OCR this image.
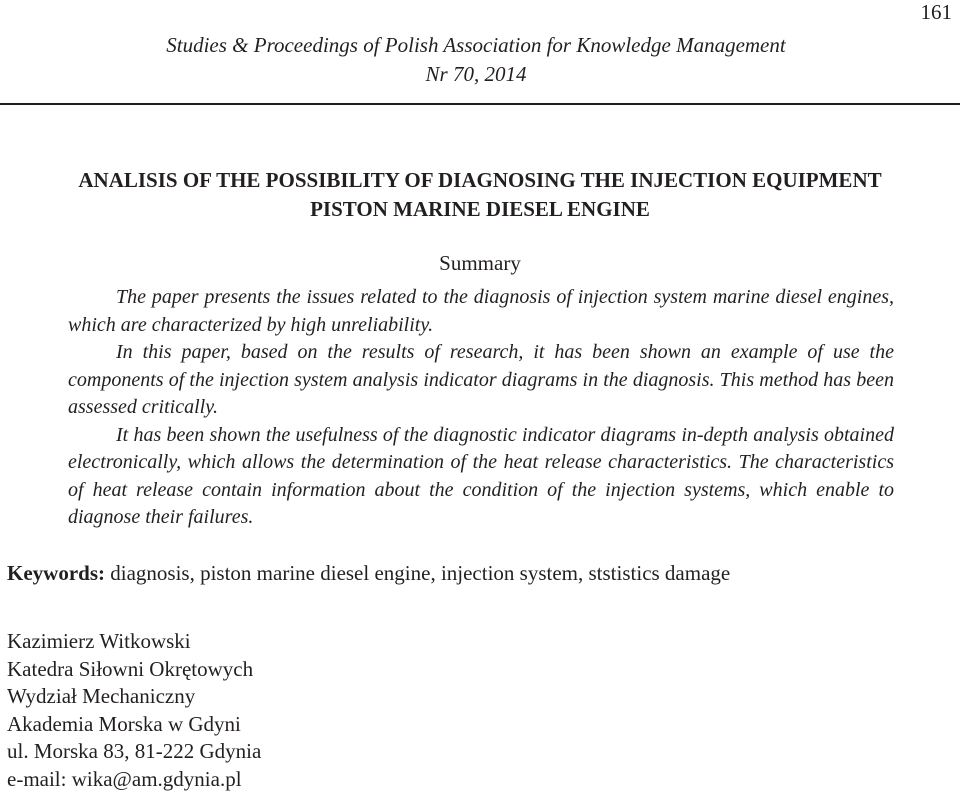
161
Studies & Proceedings of Polish Association for Knowledge Management
Nr 70, 2014
ANALISIS OF THE POSSIBILITY OF DIAGNOSING THE INJECTION EQUIPMENT
PISTON MARINE DIESEL ENGINE
Summary

The paper presents the issues related to the diagnosis of injection system marine diesel engines, which are characterized by high unreliability.

In this paper, based on the results of research, it has been shown an example of use the components of the injection system analysis indicator diagrams in the diagnosis. This method has been assessed critically.

It has been shown the usefulness of the diagnostic indicator diagrams in-depth analysis obtained electronically, which allows the determination of the heat release characteristics. The characteristics of heat release contain information about the condition of the injection systems, which enable to diagnose their failures.

Keywords: diagnosis, piston marine diesel engine, injection system, ststistics damage
Kazimierz Witkowski
Katedra Siłowni Okrętowych
Wydział Mechaniczny
Akademia Morska w Gdyni
ul. Morska 83, 81-222 Gdynia
e-mail: wika@am.gdynia.pl
